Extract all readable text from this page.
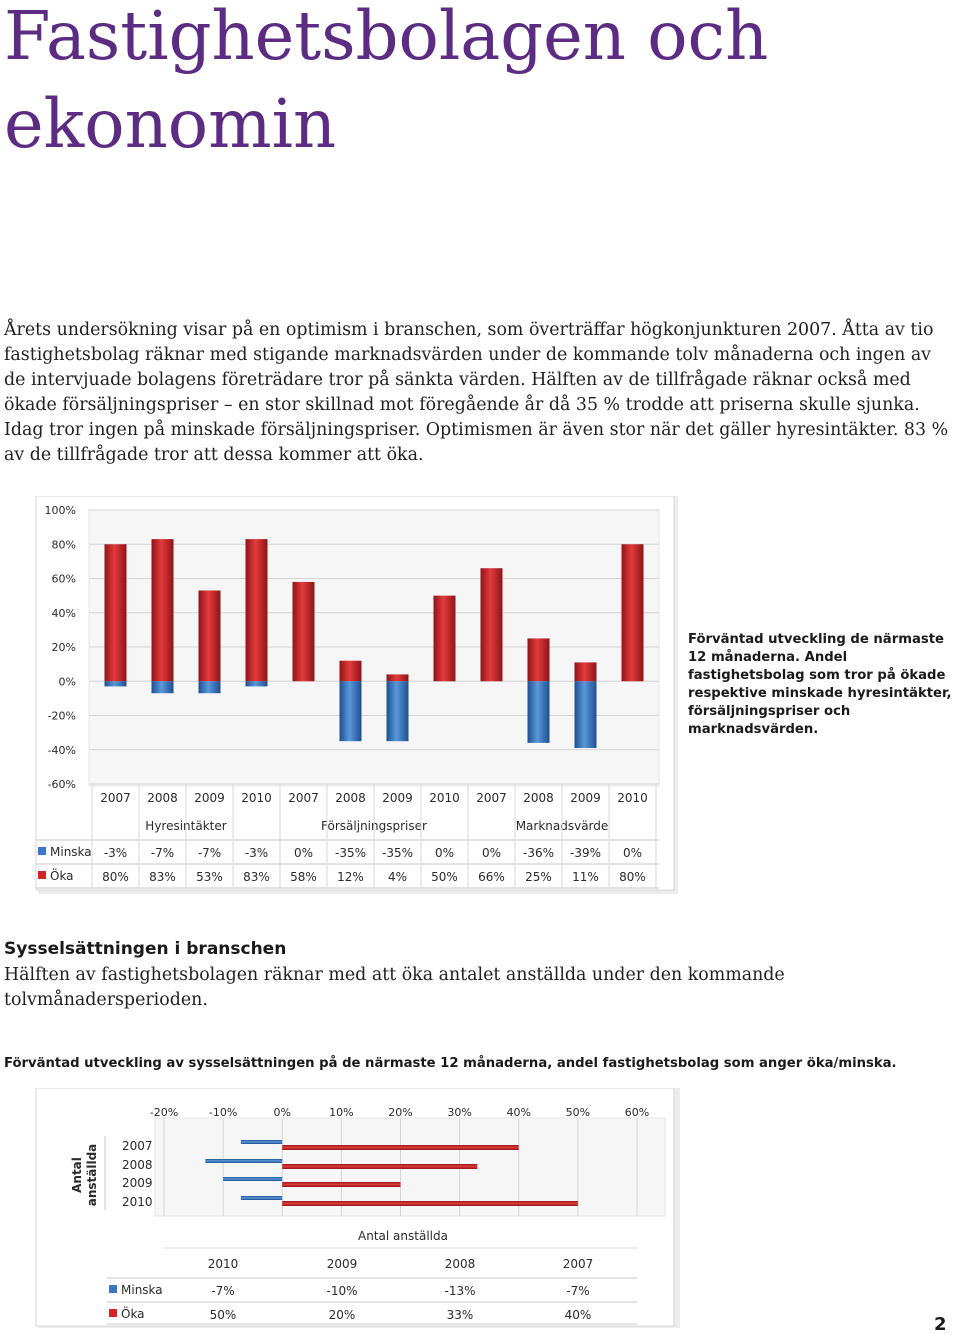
Fastighetsbolagen och ekonomin

Årets undersökning visar på en optimism i branschen, som överträffar högkonjunkturen 2007. Åtta av tio fastighetsbolag räknar med stigande marknadsvärden under de kommande tolv månaderna och ingen av de intervjuade bolagens företrädare tror på sänkta värden. Hälften av de tillfrågade räknar också med ökade försäljningspriser – en stor skillnad mot föregående år då 35 % trodde att priserna skulle sjunka. Idag tror ingen på minskade försäljningspriser. Optimismen är även stor när det gäller hyresintäkter. 83 % av de tillfrågade tror att dessa kommer att öka.

100%
80%
60%
40%
20%
0%
-20%
-40%
-60%
2007 2008 2009 2010 2007 2008 2009 2010 2007 2008 2009 2010
Hyresintäkter	Försäljningspriser	Marknadsvärde
Minska -3% -7% -7% -3% 0% -35% -35% 0% 0% -36% -39% 0%
Öka 80% 83% 53% 83% 58% 12% 4% 50% 66% 25% 11% 80%

Förväntad utveckling de närmaste 12 månaderna. Andel fastighetsbolag som tror på ökade respektive minskade hyresintäkter, försäljningspriser och marknadsvärden.

Sysselsättningen i branschen

Hälften av fastighetsbolagen räknar med att öka antalet anställda under den kommande tolvmånadersperioden.

Förväntad utveckling av sysselsättningen på de närmaste 12 månaderna, andel fastighetsbolag som anger öka/minska.

-20%	-10%	0%	10%	20%	30%	40%	50%	60%
Antal anställda 2007
2008
2009
2010
Antal anställda
2010	2009	2008	2007
Minska	-7%	-10%	-13%	-7%
Öka	50%	20%	33%	40%	2
